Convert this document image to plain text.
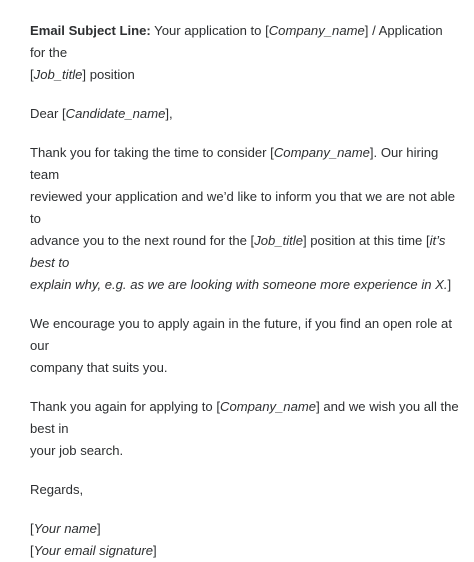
Email Subject Line: Your application to [Company_name] / Application for the
[Job_title] position

Dear [Candidate_name],

Thank you for taking the time to consider [Company_name]. Our hiring team
reviewed your application and we’d like to inform you that we are not able to
advance you to the next round for the [Job_title] position at this time [it’s best to
explain why, e.g. as we are looking with someone more experience in X.]

We encourage you to apply again in the future, if you find an open role at our
company that suits you.

Thank you again for applying to [Company_name] and we wish you all the best in
your job search.

Regards,

[Your name]
[Your email signature]
